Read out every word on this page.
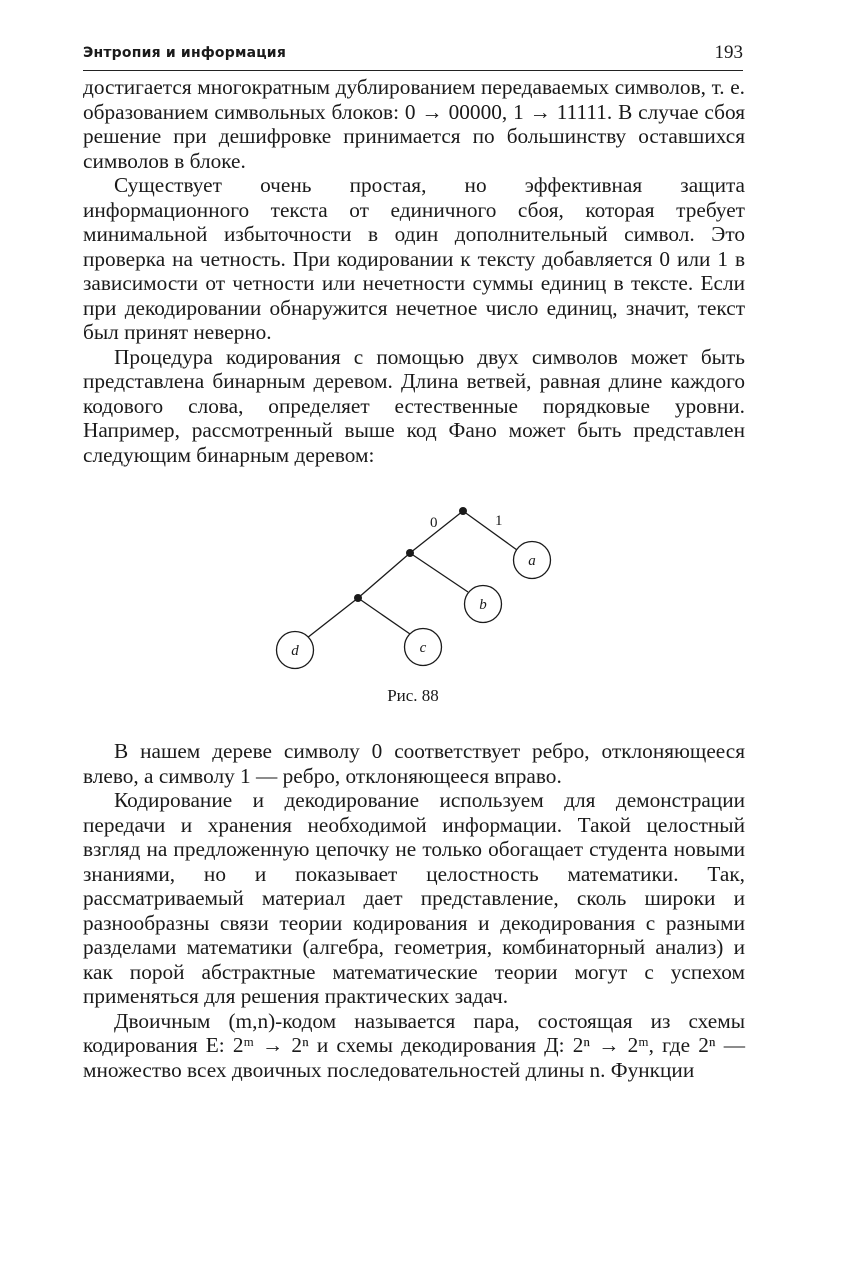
Энтропия и информация	193

достигается многократным дублированием передаваемых символов, т. е. образованием символьных блоков: 0 → 00000, 1 → 11111. В случае сбоя решение при дешифровке принимается по большинству оставшихся символов в блоке.

Существует очень простая, но эффективная защита информационного текста от единичного сбоя, которая требует минимальной избыточности в один дополнительный символ. Это проверка на четность. При кодировании к тексту добавляется 0 или 1 в зависимости от четности или нечетности суммы единиц в тексте. Если при декодировании обнаружится нечетное число единиц, значит, текст был принят неверно.

Процедура кодирования с помощью двух символов может быть представлена бинарным деревом. Длина ветвей, равная длине каждого кодового слова, определяет естественные порядковые уровни. Например, рассмотренный выше код Фано может быть представлен следующим бинарным деревом:

0	1
a
b
d	c
Рис. 88

В нашем дереве символу 0 соответствует ребро, отклоняющееся влево, а символу 1 — ребро, отклоняющееся вправо.

Кодирование и декодирование используем для демонстрации передачи и хранения необходимой информации. Такой целостный взгляд на предложенную цепочку не только обогащает студента новыми знаниями, но и показывает целостность математики. Так, рассматриваемый материал дает представление, сколь широки и разнообразны связи теории кодирования и декодирования с разными разделами математики (алгебра, геометрия, комбинаторный анализ) и как порой абстрактные математические теории могут с успехом применяться для решения практических задач.

Двоичным (m,n)-кодом называется пара, состоящая из схемы кодирования Е: 2ᵐ → 2ⁿ и схемы декодирования Д: 2ⁿ → 2ᵐ, где 2ⁿ — множество всех двоичных последовательностей длины n. Функции
